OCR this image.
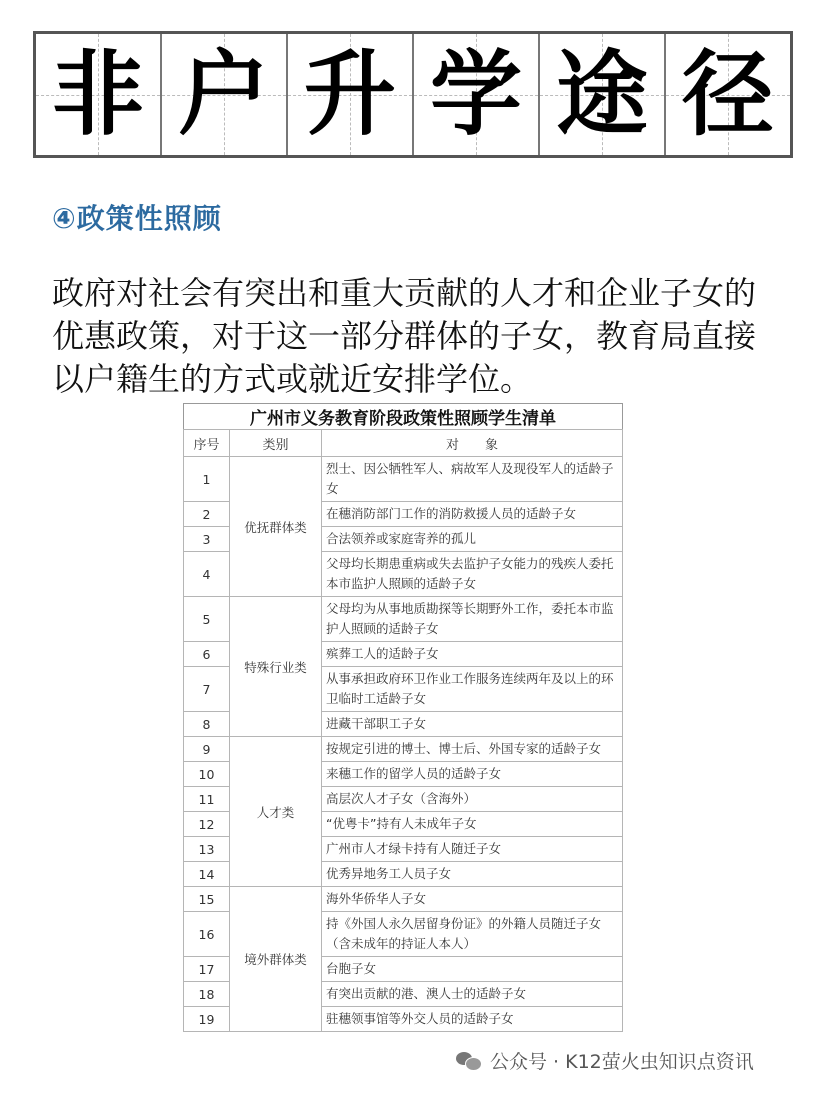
非 户 升 学 途 径
④政策性照顾
政府对社会有突出和重大贡献的人才和企业子女的
优惠政策，对于这一部分群体的子女，教育局直接
以户籍生的方式或就近安排学位。
广州市义务教育阶段政策性照顾学生清单
序号	类别	对　　象
1	优抚群体类	烈士、因公牺牲军人、病故军人及现役军人的适龄子女
2		在穗消防部门工作的消防救援人员的适龄子女
3		合法领养或家庭寄养的孤儿
4		父母均长期患重病或失去监护子女能力的残疾人委托本市监护人照顾的适龄子女
5	特殊行业类	父母均为从事地质勘探等长期野外工作，委托本市监护人照顾的适龄子女
6		殡葬工人的适龄子女
7		从事承担政府环卫作业工作服务连续两年及以上的环卫临时工适龄子女
8		进藏干部职工子女
9	人才类	按规定引进的博士、博士后、外国专家的适龄子女
10		来穗工作的留学人员的适龄子女
11		高层次人才子女（含海外）
12		“优粤卡”持有人未成年子女
13		广州市人才绿卡持有人随迁子女
14		优秀异地务工人员子女
15	境外群体类	海外华侨华人子女
16		持《外国人永久居留身份证》的外籍人员随迁子女（含未成年的持证人本人）
17		台胞子女
18		有突出贡献的港、澳人士的适龄子女
19		驻穗领事馆等外交人员的适龄子女
公众号 · K12萤火虫知识点资讯
